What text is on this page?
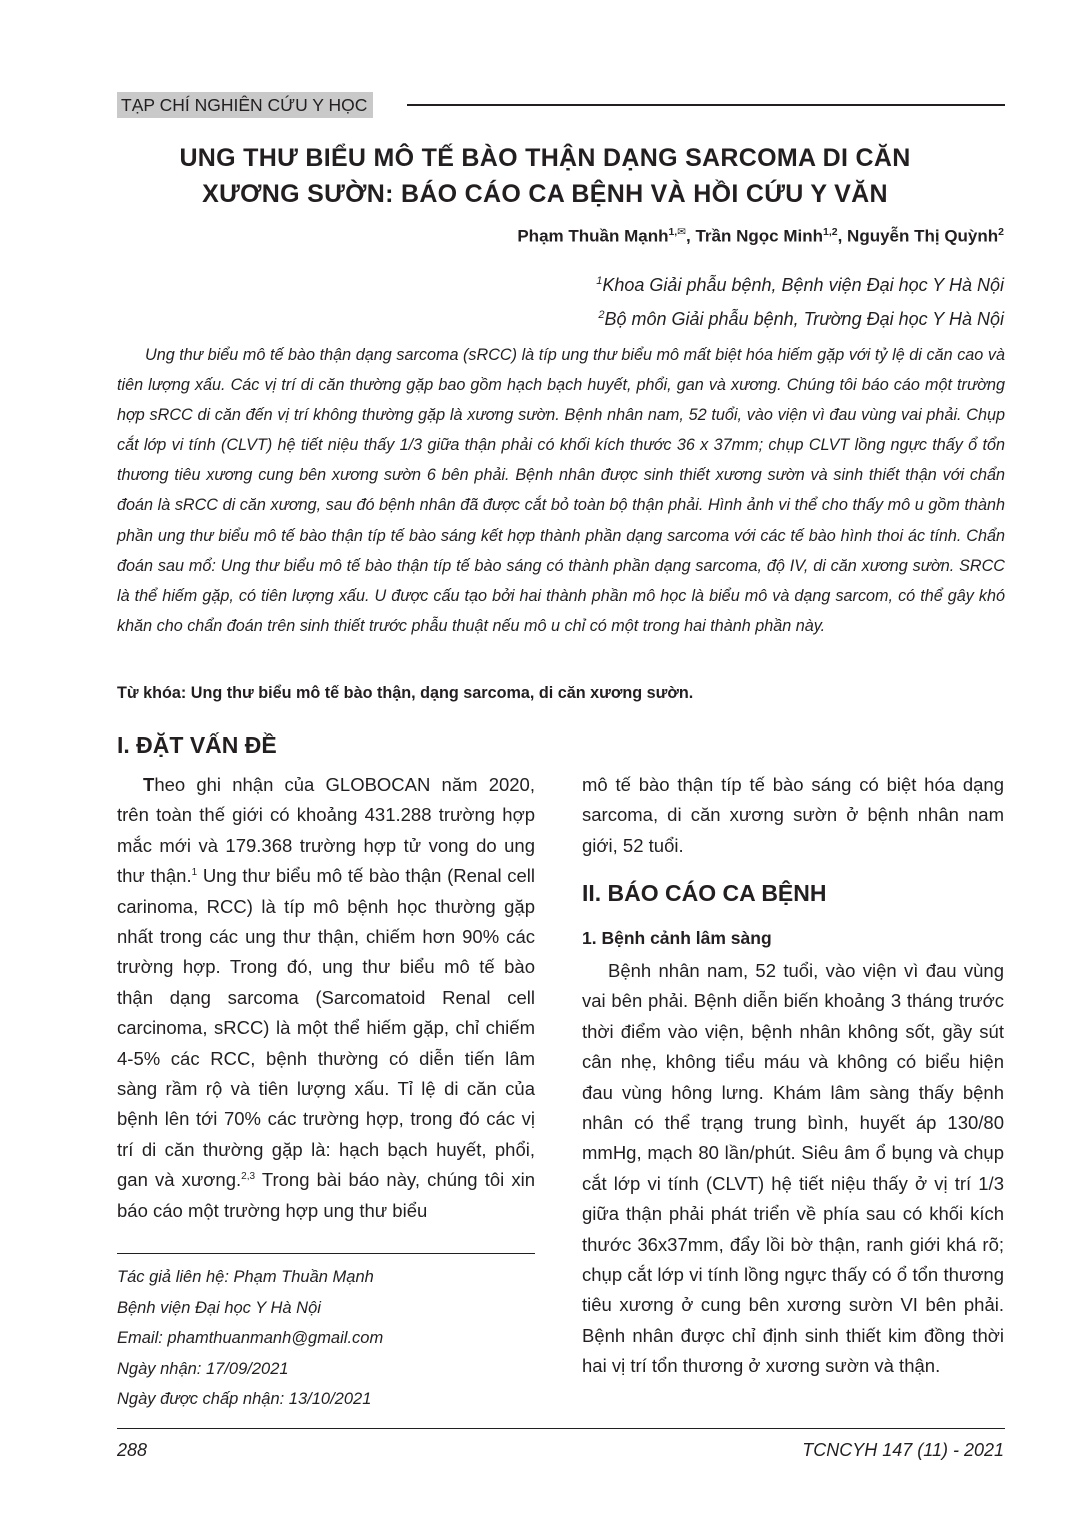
TẠP CHÍ NGHIÊN CỨU Y HỌC
UNG THƯ BIỂU MÔ TẾ BÀO THẬN DẠNG SARCOMA DI CĂN
XƯƠNG SƯỜN: BÁO CÁO CA BỆNH VÀ HỒI CỨU Y VĂN
Phạm Thuần Mạnh$^{1,✉}$, Trần Ngọc Minh$^{1,2}$, Nguyễn Thị Quỳnh$^2$
$^1$Khoa Giải phẫu bệnh, Bệnh viện Đại học Y Hà Nội
$^2$Bộ môn Giải phẫu bệnh, Trường Đại học Y Hà Nội
Ung thư biểu mô tế bào thận dạng sarcoma (sRCC) là típ ung thư biểu mô mất biệt hóa hiếm gặp với tỷ lệ di căn cao và tiên lượng xấu. Các vị trí di căn thường gặp bao gồm hạch bạch huyết, phổi, gan và xương. Chúng tôi báo cáo một trường hợp sRCC di căn đến vị trí không thường gặp là xương sườn. Bệnh nhân nam, 52 tuổi, vào viện vì đau vùng vai phải. Chụp cắt lớp vi tính (CLVT) hệ tiết niệu thấy 1/3 giữa thận phải có khối kích thước 36 x 37mm; chụp CLVT lồng ngực thấy ổ tổn thương tiêu xương cung bên xương sườn 6 bên phải. Bệnh nhân được sinh thiết xương sườn và sinh thiết thận với chẩn đoán là sRCC di căn xương, sau đó bệnh nhân đã được cắt bỏ toàn bộ thận phải. Hình ảnh vi thể cho thấy mô u gồm thành phần ung thư biểu mô tế bào thận típ tế bào sáng kết hợp thành phần dạng sarcoma với các tế bào hình thoi ác tính. Chẩn đoán sau mổ: Ung thư biểu mô tế bào thận típ tế bào sáng có thành phần dạng sarcoma, độ IV, di căn xương sườn. SRCC là thể hiếm gặp, có tiên lượng xấu. U được cấu tạo bởi hai thành phần mô học là biểu mô và dạng sarcom, có thể gây khó khăn cho chẩn đoán trên sinh thiết trước phẫu thuật nếu mô u chỉ có một trong hai thành phần này.
Từ khóa: Ung thư biểu mô tế bào thận, dạng sarcoma, di căn xương sườn.
I. ĐẶT VẤN ĐỀ
Theo ghi nhận của GLOBOCAN năm 2020, trên toàn thế giới có khoảng 431.288 trường hợp mắc mới và 179.368 trường hợp tử vong do ung thư thận.$^1$ Ung thư biểu mô tế bào thận (Renal cell carinoma, RCC) là típ mô bệnh học thường gặp nhất trong các ung thư thận, chiếm hơn 90% các trường hợp. Trong đó, ung thư biểu mô tế bào thận dạng sarcoma (Sarcomatoid Renal cell carcinoma, sRCC) là một thể hiếm gặp, chỉ chiếm 4-5% các RCC, bệnh thường có diễn tiến lâm sàng rầm rộ và tiên lượng xấu. Tỉ lệ di căn của bệnh lên tới 70% các trường hợp, trong đó các vị trí di căn thường gặp là: hạch bạch huyết, phổi, gan và xương.$^{2,3}$ Trong bài báo này, chúng tôi xin báo cáo một trường hợp ung thư biểu
Tác giả liên hệ: Phạm Thuần Mạnh
Bệnh viện Đại học Y Hà Nội
Email: phamthuanmanh@gmail.com
Ngày nhận: 17/09/2021
Ngày được chấp nhận: 13/10/2021
mô tế bào thận típ tế bào sáng có biệt hóa dạng sarcoma, di căn xương sườn ở bệnh nhân nam giới, 52 tuổi.
II. BÁO CÁO CA BỆNH
1. Bệnh cảnh lâm sàng
Bệnh nhân nam, 52 tuổi, vào viện vì đau vùng vai bên phải. Bệnh diễn biến khoảng 3 tháng trước thời điểm vào viện, bệnh nhân không sốt, gầy sút cân nhẹ, không tiểu máu và không có biểu hiện đau vùng hông lưng. Khám lâm sàng thấy bệnh nhân có thể trạng trung bình, huyết áp 130/80 mmHg, mạch 80 lần/phút. Siêu âm ổ bụng và chụp cắt lớp vi tính (CLVT) hệ tiết niệu thấy ở vị trí 1/3 giữa thận phải phát triển về phía sau có khối kích thước 36x37mm, đẩy lồi bờ thận, ranh giới khá rõ; chụp cắt lớp vi tính lồng ngực thấy có ổ tổn thương tiêu xương ở cung bên xương sườn VI bên phải. Bệnh nhân được chỉ định sinh thiết kim đồng thời hai vị trí tổn thương ở xương sườn và thận.
288	TCNCYH 147 (11) - 2021
